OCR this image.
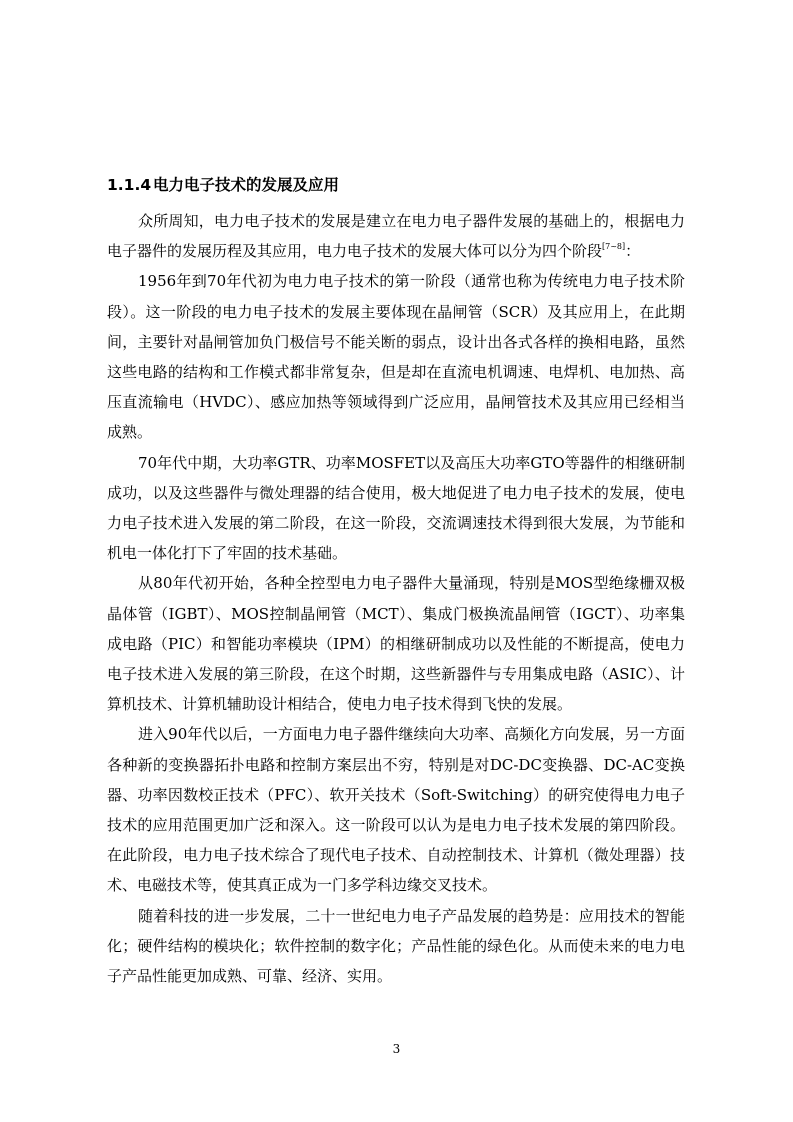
1.1.4 电力电子技术的发展及应用

众所周知，电力电子技术的发展是建立在电力电子器件发展的基础上的，根据电力电子器件的发展历程及其应用，电力电子技术的发展大体可以分为四个阶段[7~8]：

1956年到70年代初为电力电子技术的第一阶段（通常也称为传统电力电子技术阶段）。这一阶段的电力电子技术的发展主要体现在晶闸管（SCR）及其应用上，在此期间，主要针对晶闸管加负门极信号不能关断的弱点，设计出各式各样的换相电路，虽然这些电路的结构和工作模式都非常复杂，但是却在直流电机调速、电焊机、电加热、高压直流输电（HVDC）、感应加热等领域得到广泛应用，晶闸管技术及其应用已经相当成熟。

70年代中期，大功率GTR、功率MOSFET以及高压大功率GTO等器件的相继研制成功，以及这些器件与微处理器的结合使用，极大地促进了电力电子技术的发展，使电力电子技术进入发展的第二阶段，在这一阶段，交流调速技术得到很大发展，为节能和机电一体化打下了牢固的技术基础。

从80年代初开始，各种全控型电力电子器件大量涌现，特别是MOS型绝缘栅双极晶体管（IGBT）、MOS控制晶闸管（MCT）、集成门极换流晶闸管（IGCT）、功率集成电路（PIC）和智能功率模块（IPM）的相继研制成功以及性能的不断提高，使电力电子技术进入发展的第三阶段，在这个时期，这些新器件与专用集成电路（ASIC）、计算机技术、计算机辅助设计相结合，使电力电子技术得到飞快的发展。

进入90年代以后，一方面电力电子器件继续向大功率、高频化方向发展，另一方面各种新的变换器拓扑电路和控制方案层出不穷，特别是对DC-DC变换器、DC-AC变换器、功率因数校正技术（PFC）、软开关技术（Soft-Switching）的研究使得电力电子技术的应用范围更加广泛和深入。这一阶段可以认为是电力电子技术发展的第四阶段。在此阶段，电力电子技术综合了现代电子技术、自动控制技术、计算机（微处理器）技术、电磁技术等，使其真正成为一门多学科边缘交叉技术。

随着科技的进一步发展，二十一世纪电力电子产品发展的趋势是：应用技术的智能化；硬件结构的模块化；软件控制的数字化；产品性能的绿色化。从而使未来的电力电子产品性能更加成熟、可靠、经济、实用。

3
